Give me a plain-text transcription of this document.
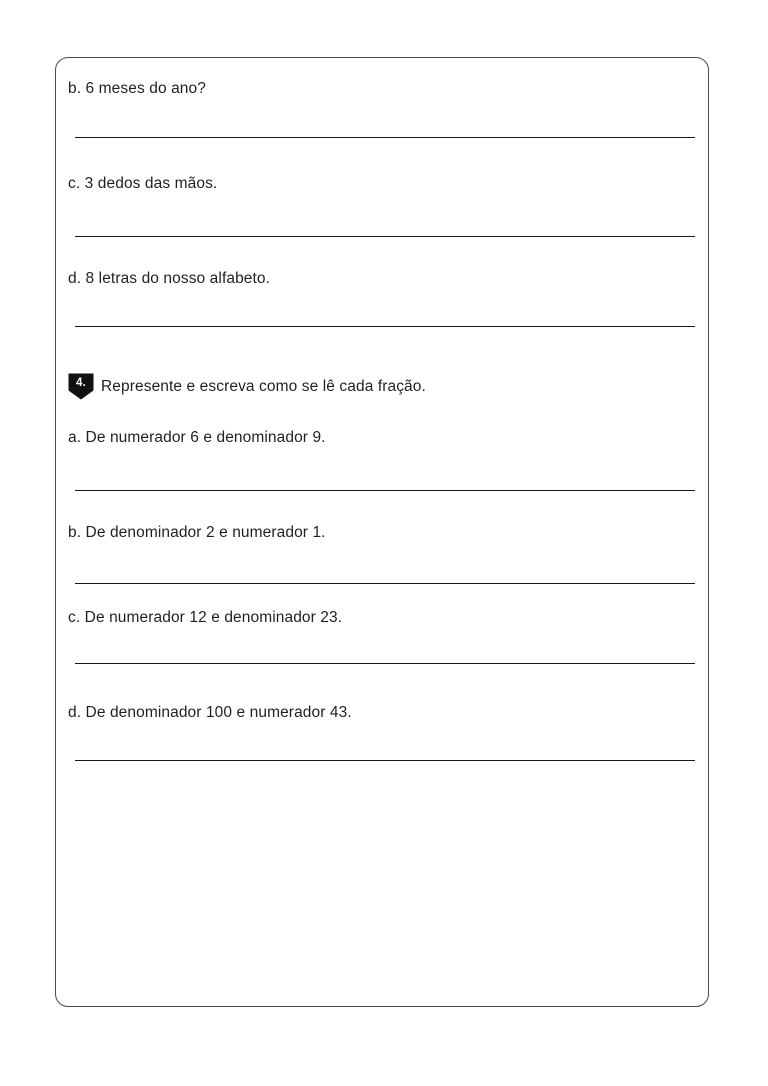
b. 6 meses do ano?
c. 3 dedos das mãos.
d. 8 letras do nosso alfabeto.
4. Represente e escreva como se lê cada fração.
a. De numerador 6 e denominador 9.
b. De denominador 2 e numerador 1.
c. De numerador 12 e denominador 23.
d. De denominador 100 e numerador 43.
